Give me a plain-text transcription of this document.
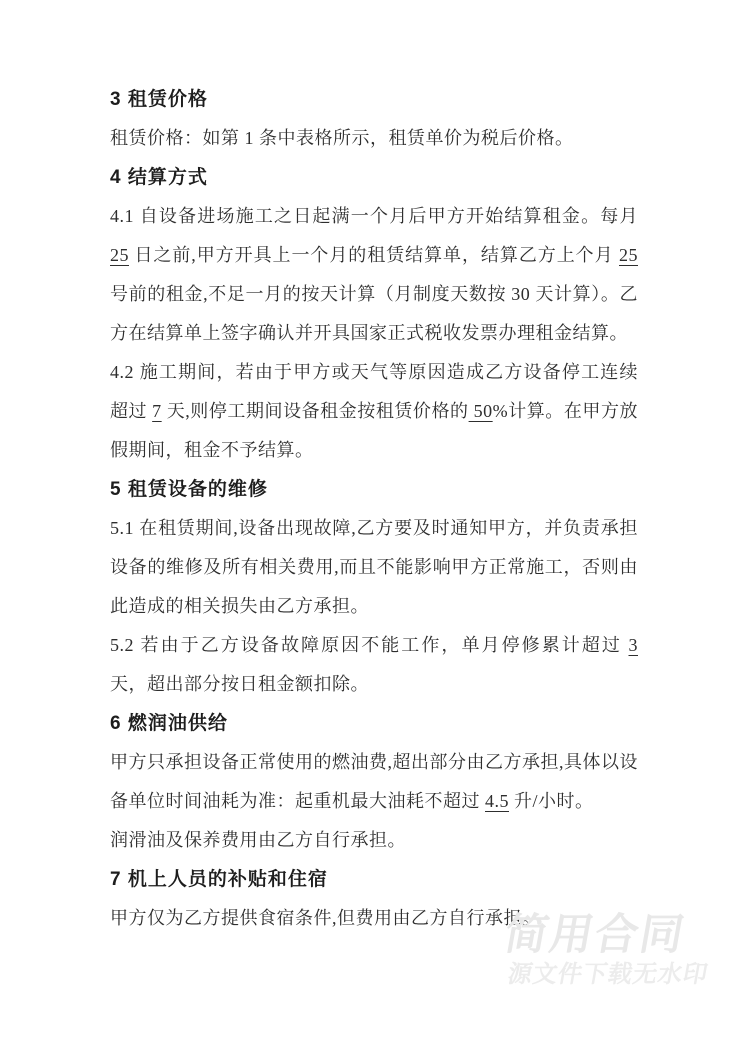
3 租赁价格

租赁价格：如第 1 条中表格所示，租赁单价为税后价格。

4 结算方式

4.1 自设备进场施工之日起满一个月后甲方开始结算租金。每月 25 日之前,甲方开具上一个月的租赁结算单，结算乙方上个月 25 号前的租金,不足一月的按天计算（月制度天数按 30 天计算）。乙方在结算单上签字确认并开具国家正式税收发票办理租金结算。

4.2 施工期间，若由于甲方或天气等原因造成乙方设备停工连续超过 7 天,则停工期间设备租金按租赁价格的 50%计算。在甲方放假期间，租金不予结算。

5 租赁设备的维修

5.1 在租赁期间,设备出现故障,乙方要及时通知甲方，并负责承担设备的维修及所有相关费用,而且不能影响甲方正常施工，否则由此造成的相关损失由乙方承担。

5.2 若由于乙方设备故障原因不能工作，单月停修累计超过 3 天，超出部分按日租金额扣除。

6 燃润油供给

甲方只承担设备正常使用的燃油费,超出部分由乙方承担,具体以设备单位时间油耗为准：起重机最大油耗不超过 4.5 升/小时。

润滑油及保养费用由乙方自行承担。

7 机上人员的补贴和住宿

甲方仅为乙方提供食宿条件,但费用由乙方自行承担。

简用合同
源文件下载无水印
